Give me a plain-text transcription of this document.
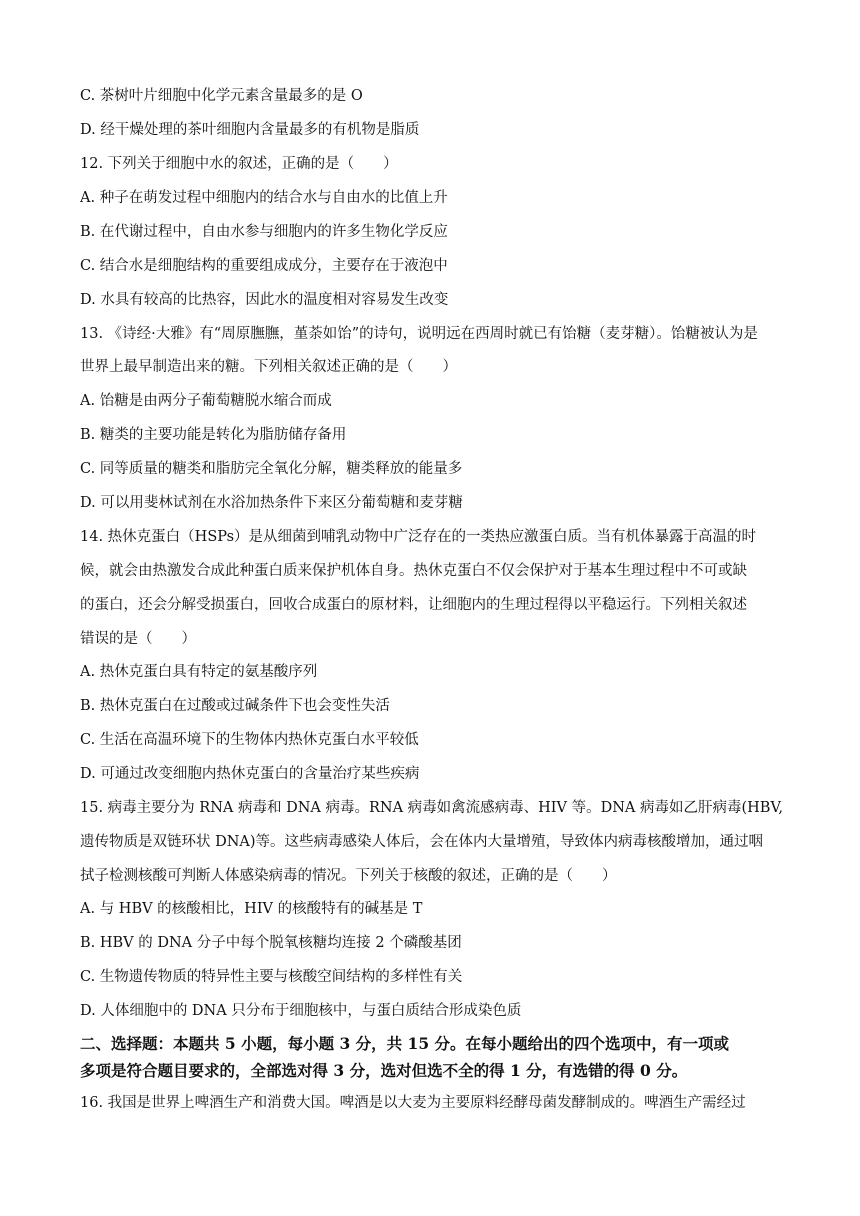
C. 茶树叶片细胞中化学元素含量最多的是 O
D. 经干燥处理的茶叶细胞内含量最多的有机物是脂质
12. 下列关于细胞中水的叙述，正确的是（　　）
A. 种子在萌发过程中细胞内的结合水与自由水的比值上升
B. 在代谢过程中，自由水参与细胞内的许多生物化学反应
C. 结合水是细胞结构的重要组成成分，主要存在于液泡中
D. 水具有较高的比热容，因此水的温度相对容易发生改变
13. 《诗经·大雅》有“周原膴膴，堇荼如饴”的诗句，说明远在西周时就已有饴糖（麦芽糖）。饴糖被认为是
世界上最早制造出来的糖。下列相关叙述正确的是（　　）
A. 饴糖是由两分子葡萄糖脱水缩合而成
B. 糖类的主要功能是转化为脂肪储存备用
C. 同等质量的糖类和脂肪完全氧化分解，糖类释放的能量多
D. 可以用斐林试剂在水浴加热条件下来区分葡萄糖和麦芽糖
14. 热休克蛋白（HSPs）是从细菌到哺乳动物中广泛存在的一类热应激蛋白质。当有机体暴露于高温的时
候，就会由热激发合成此种蛋白质来保护机体自身。热休克蛋白不仅会保护对于基本生理过程中不可或缺
的蛋白，还会分解受损蛋白，回收合成蛋白的原材料，让细胞内的生理过程得以平稳运行。下列相关叙述
错误的是（　　）
A. 热休克蛋白具有特定的氨基酸序列
B. 热休克蛋白在过酸或过碱条件下也会变性失活
C. 生活在高温环境下的生物体内热休克蛋白水平较低
D. 可通过改变细胞内热休克蛋白的含量治疗某些疾病
15. 病毒主要分为 RNA 病毒和 DNA 病毒。RNA 病毒如禽流感病毒、HIV 等。DNA 病毒如乙肝病毒(HBV,
遗传物质是双链环状 DNA)等。这些病毒感染人体后，会在体内大量增殖，导致体内病毒核酸增加，通过咽
拭子检测核酸可判断人体感染病毒的情况。下列关于核酸的叙述，正确的是（　　）
A. 与 HBV 的核酸相比，HIV 的核酸特有的碱基是 T
B. HBV 的 DNA 分子中每个脱氧核糖均连接 2 个磷酸基团
C. 生物遗传物质的特异性主要与核酸空间结构的多样性有关
D. 人体细胞中的 DNA 只分布于细胞核中，与蛋白质结合形成染色质
二、选择题：本题共 5 小题，每小题 3 分，共 15 分。在每小题给出的四个选项中，有一项或
多项是符合题目要求的，全部选对得 3 分，选对但选不全的得 1 分，有选错的得 0 分。
16. 我国是世界上啤酒生产和消费大国。啤酒是以大麦为主要原料经酵母菌发酵制成的。啤酒生产需经过
